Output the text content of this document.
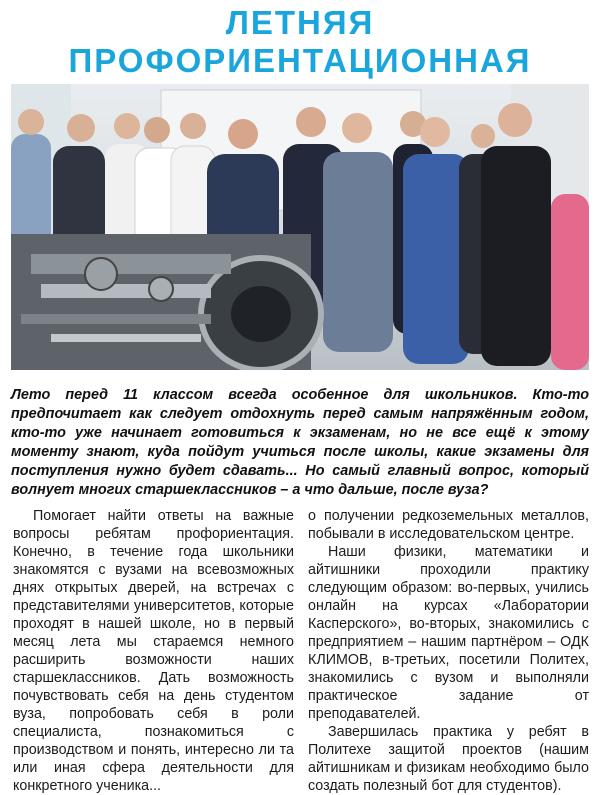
ЛЕТНЯЯ ПРОФОРИЕНТАЦИОННАЯ
Лето перед 11 классом всегда особенное для школьников. Кто-то предпочитает как следует отдохнуть перед самым напряжённым годом, кто-то уже начинает готовиться к экзаменам, но не все ещё к этому моменту знают, куда пойдут учиться после школы, какие экзамены для поступления нужно будет сдавать... Но самый главный вопрос, который волнует многих старшеклассников – а что дальше, после вуза?

Помогает найти ответы на важные вопросы ребятам профориентация. Конечно, в течение года школьники знакомятся с вузами на всевозможных днях открытых дверей, на встречах с представителями университетов, которые проходят в нашей школе, но в первый месяц лета мы стараемся немного расширить возможности наших старшеклассников. Дать возможность почувствовать себя на день студентом вуза, попробовать себя в роли специалиста, познакомиться с производством и понять, интересно ли та или иная сфера деятельности для конкретного ученика...

о получении редкоземельных металлов, побывали в исследовательском центре.

Наши физики, математики и айтишники проходили практику следующим образом: во-первых, учились онлайн на курсах «Лаборатории Касперского», во-вторых, знакомились с предприятием – нашим партнёром – ОДК КЛИМОВ, в-третьих, посетили Политех, знакомились с вузом и выполняли практическое задание от преподавателей.

Завершилась практика у ребят в Политехе защитой проектов (нашим айтишникам и физикам необходимо было создать полезный бот для студентов).
